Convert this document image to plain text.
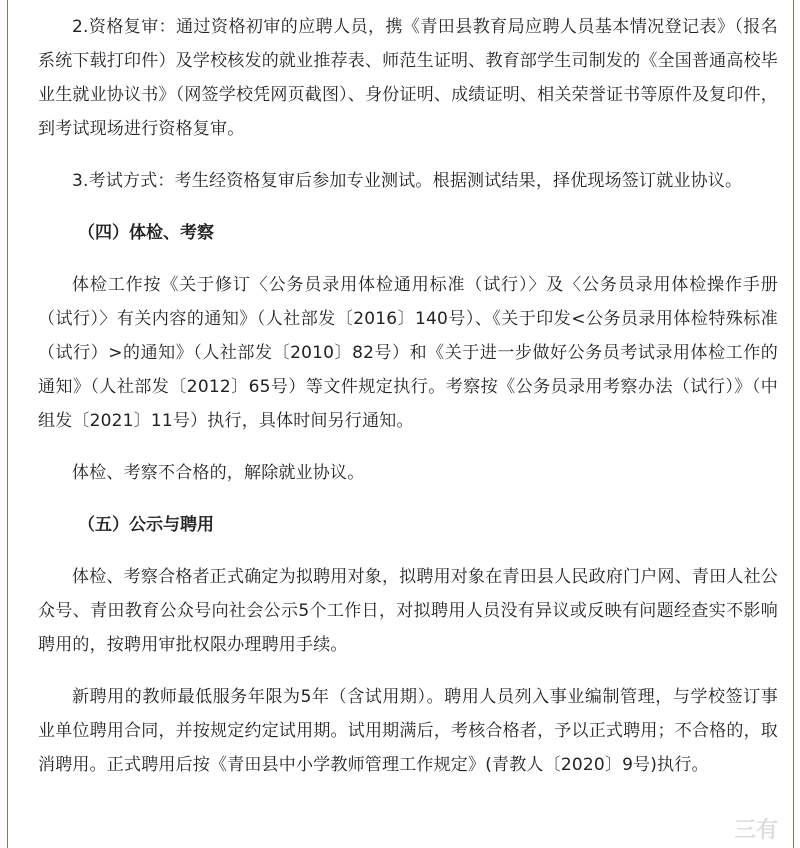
2.资格复审：通过资格初审的应聘人员，携《青田县教育局应聘人员基本情况登记表》（报名系统下载打印件）及学校核发的就业推荐表、师范生证明、教育部学生司制发的《全国普通高校毕业生就业协议书》（网签学校凭网页截图）、身份证明、成绩证明、相关荣誉证书等原件及复印件，到考试现场进行资格复审。

3.考试方式：考生经资格复审后参加专业测试。根据测试结果，择优现场签订就业协议。

（四）体检、考察

体检工作按《关于修订〈公务员录用体检通用标准（试行）〉及〈公务员录用体检操作手册（试行）〉有关内容的通知》（人社部发〔2016〕140号）、《关于印发<公务员录用体检特殊标准（试行）>的通知》（人社部发〔2010〕82号）和《关于进一步做好公务员考试录用体检工作的通知》（人社部发〔2012〕65号）等文件规定执行。考察按《公务员录用考察办法（试行）》（中组发〔2021〕11号）执行，具体时间另行通知。

体检、考察不合格的，解除就业协议。

（五）公示与聘用

体检、考察合格者正式确定为拟聘用对象，拟聘用对象在青田县人民政府门户网、青田人社公众号、青田教育公众号向社会公示5个工作日，对拟聘用人员没有异议或反映有问题经查实不影响聘用的，按聘用审批权限办理聘用手续。

新聘用的教师最低服务年限为5年（含试用期）。聘用人员列入事业编制管理，与学校签订事业单位聘用合同，并按规定约定试用期。试用期满后，考核合格者，予以正式聘用；不合格的，取消聘用。正式聘用后按《青田县中小学教师管理工作规定》(青教人〔2020〕9号)执行。

三有
